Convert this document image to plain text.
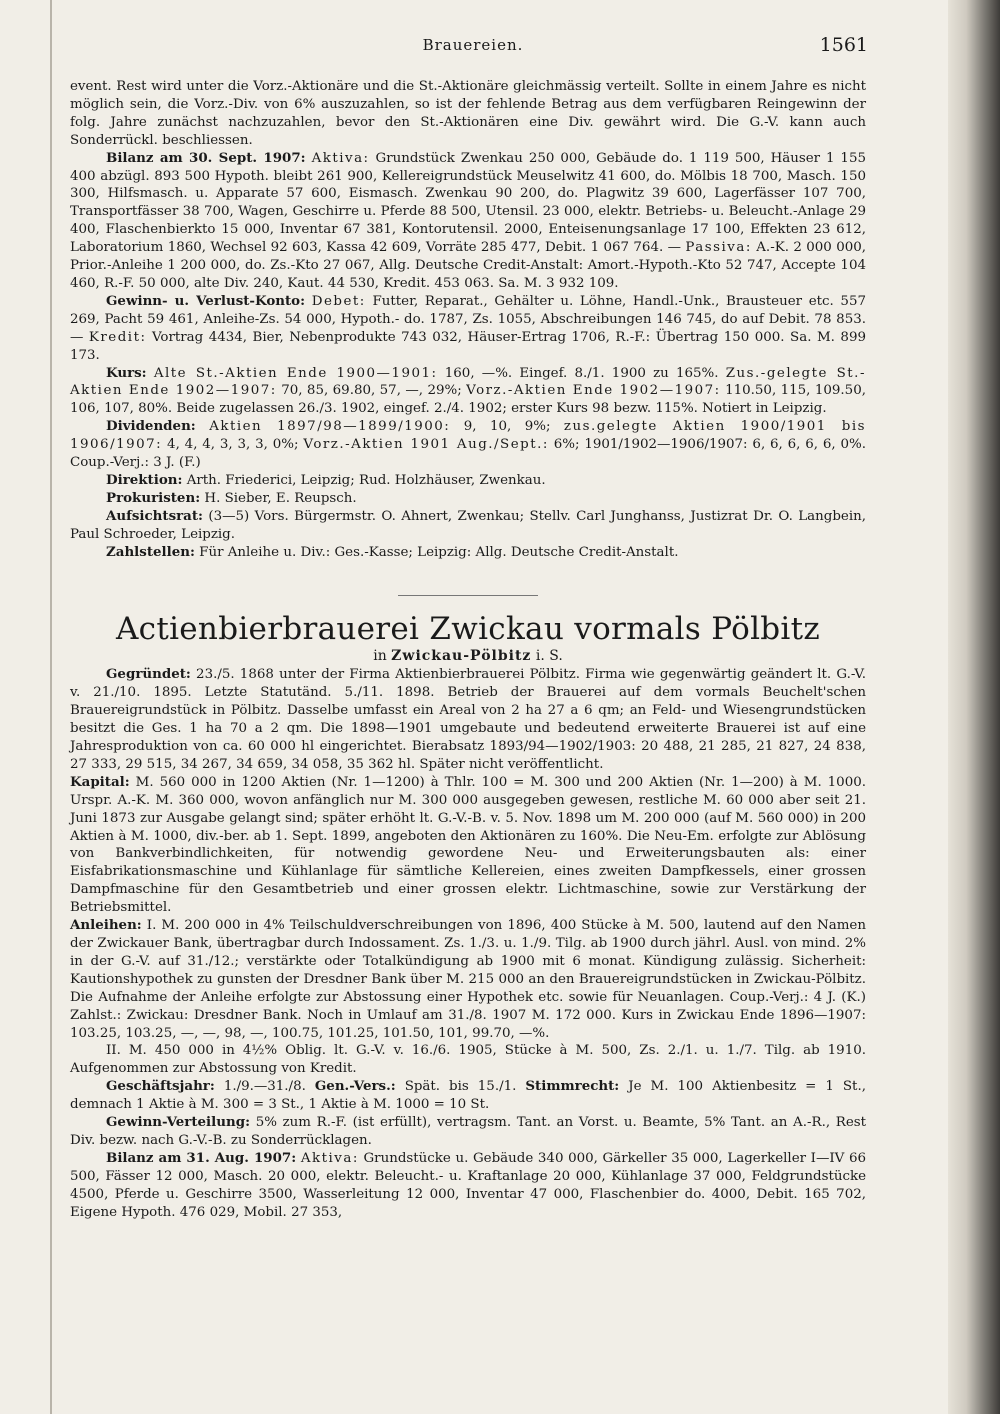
Brauereien.	1561

event. Rest wird unter die Vorz.-Aktionäre und die St.-Aktionäre gleichmässig verteilt. Sollte in einem Jahre es nicht möglich sein, die Vorz.-Div. von 6% auszuzahlen, so ist der fehlende Betrag aus dem verfügbaren Reingewinn der folg. Jahre zunächst nachzuzahlen, bevor den St.-Aktionären eine Div. gewährt wird. Die G.-V. kann auch Sonderrückl. beschliessen.

Bilanz am 30. Sept. 1907: Aktiva: Grundstück Zwenkau 250 000, Gebäude do. 1 119 500, Häuser 1 155 400 abzügl. 893 500 Hypoth. bleibt 261 900, Kellereigrundstück Meuselwitz 41 600, do. Mölbis 18 700, Masch. 150 300, Hilfsmasch. u. Apparate 57 600, Eismasch. Zwenkau 90 200, do. Plagwitz 39 600, Lagerfässer 107 700, Transportfässer 38 700, Wagen, Geschirre u. Pferde 88 500, Utensil. 23 000, elektr. Betriebs- u. Beleucht.-Anlage 29 400, Flaschenbierkto 15 000, Inventar 67 381, Kontorutensil. 2000, Enteisenungsanlage 17 100, Effekten 23 612, Laboratorium 1860, Wechsel 92 603, Kassa 42 609, Vorräte 285 477, Debit. 1 067 764. — Passiva: A.-K. 2 000 000, Prior.-Anleihe 1 200 000, do. Zs.-Kto 27 067, Allg. Deutsche Credit-Anstalt: Amort.-Hypoth.-Kto 52 747, Accepte 104 460, R.-F. 50 000, alte Div. 240, Kaut. 44 530, Kredit. 453 063. Sa. M. 3 932 109.

Gewinn- u. Verlust-Konto: Debet: Futter, Reparat., Gehälter u. Löhne, Handl.-Unk., Brausteuer etc. 557 269, Pacht 59 461, Anleihe-Zs. 54 000, Hypoth.- do. 1787, Zs. 1055, Abschreibungen 146 745, do auf Debit. 78 853. — Kredit: Vortrag 4434, Bier, Nebenprodukte 743 032, Häuser-Ertrag 1706, R.-F.: Übertrag 150 000. Sa. M. 899 173.

Kurs: Alte St.-Aktien Ende 1900—1901: 160, —%. Eingef. 8./1. 1900 zu 165%. Zus.-gelegte St.-Aktien Ende 1902—1907: 70, 85, 69.80, 57, —, 29%; Vorz.-Aktien Ende 1902—1907: 110.50, 115, 109.50, 106, 107, 80%. Beide zugelassen 26./3. 1902, eingef. 2./4. 1902; erster Kurs 98 bezw. 115%. Notiert in Leipzig.

Dividenden: Aktien 1897/98—1899/1900: 9, 10, 9%; zus.gelegte Aktien 1900/1901 bis 1906/1907: 4, 4, 4, 3, 3, 3, 0%; Vorz.-Aktien 1901 Aug./Sept.: 6%; 1901/1902—1906/1907: 6, 6, 6, 6, 6, 0%. Coup.-Verj.: 3 J. (F.)

Direktion: Arth. Friederici, Leipzig; Rud. Holzhäuser, Zwenkau.

Prokuristen: H. Sieber, E. Reupsch.

Aufsichtsrat: (3—5) Vors. Bürgermstr. O. Ahnert, Zwenkau; Stellv. Carl Junghanss, Justizrat Dr. O. Langbein, Paul Schroeder, Leipzig.

Zahlstellen: Für Anleihe u. Div.: Ges.-Kasse; Leipzig: Allg. Deutsche Credit-Anstalt.

Actienbierbrauerei Zwickau vormals Pölbitz

in Zwickau-Pölbitz i. S.

Gegründet: 23./5. 1868 unter der Firma Aktienbierbrauerei Pölbitz. Firma wie gegenwärtig geändert lt. G.-V. v. 21./10. 1895. Letzte Statutänd. 5./11. 1898. Betrieb der Brauerei auf dem vormals Beuchelt'schen Brauereigrundstück in Pölbitz. Dasselbe umfasst ein Areal von 2 ha 27 a 6 qm; an Feld- und Wiesengrundstücken besitzt die Ges. 1 ha 70 a 2 qm. Die 1898—1901 umgebaute und bedeutend erweiterte Brauerei ist auf eine Jahresproduktion von ca. 60 000 hl eingerichtet. Bierabsatz 1893/94—1902/1903: 20 488, 21 285, 21 827, 24 838, 27 333, 29 515, 34 267, 34 659, 34 058, 35 362 hl. Später nicht veröffentlicht.

Kapital: M. 560 000 in 1200 Aktien (Nr. 1—1200) à Thlr. 100 = M. 300 und 200 Aktien (Nr. 1—200) à M. 1000. Urspr. A.-K. M. 360 000, wovon anfänglich nur M. 300 000 ausgegeben gewesen, restliche M. 60 000 aber seit 21. Juni 1873 zur Ausgabe gelangt sind; später erhöht lt. G.-V.-B. v. 5. Nov. 1898 um M. 200 000 (auf M. 560 000) in 200 Aktien à M. 1000, div.-ber. ab 1. Sept. 1899, angeboten den Aktionären zu 160%. Die Neu-Em. erfolgte zur Ablösung von Bankverbindlichkeiten, für notwendig gewordene Neu- und Erweiterungsbauten als: einer Eisfabrikationsmaschine und Kühlanlage für sämtliche Kellereien, eines zweiten Dampfkessels, einer grossen Dampfmaschine für den Gesamtbetrieb und einer grossen elektr. Lichtmaschine, sowie zur Verstärkung der Betriebsmittel.

Anleihen: I. M. 200 000 in 4% Teilschuldverschreibungen von 1896, 400 Stücke à M. 500, lautend auf den Namen der Zwickauer Bank, übertragbar durch Indossament. Zs. 1./3. u. 1./9. Tilg. ab 1900 durch jährl. Ausl. von mind. 2% in der G.-V. auf 31./12.; verstärkte oder Totalkündigung ab 1900 mit 6 monat. Kündigung zulässig. Sicherheit: Kautionshypothek zu gunsten der Dresdner Bank über M. 215 000 an den Brauereigrundstücken in Zwickau-Pölbitz. Die Aufnahme der Anleihe erfolgte zur Abstossung einer Hypothek etc. sowie für Neuanlagen. Coup.-Verj.: 4 J. (K.) Zahlst.: Zwickau: Dresdner Bank. Noch in Umlauf am 31./8. 1907 M. 172 000. Kurs in Zwickau Ende 1896—1907: 103.25, 103.25, —, —, 98, —, 100.75, 101.25, 101.50, 101, 99.70, —%.

II. M. 450 000 in 4½% Oblig. lt. G.-V. v. 16./6. 1905, Stücke à M. 500, Zs. 2./1. u. 1./7. Tilg. ab 1910. Aufgenommen zur Abstossung von Kredit.

Geschäftsjahr: 1./9.—31./8. Gen.-Vers.: Spät. bis 15./1. Stimmrecht: Je M. 100 Aktienbesitz = 1 St., demnach 1 Aktie à M. 300 = 3 St., 1 Aktie à M. 1000 = 10 St.

Gewinn-Verteilung: 5% zum R.-F. (ist erfüllt), vertragsm. Tant. an Vorst. u. Beamte, 5% Tant. an A.-R., Rest Div. bezw. nach G.-V.-B. zu Sonderrücklagen.

Bilanz am 31. Aug. 1907: Aktiva: Grundstücke u. Gebäude 340 000, Gärkeller 35 000, Lagerkeller I—IV 66 500, Fässer 12 000, Masch. 20 000, elektr. Beleucht.- u. Kraftanlage 20 000, Kühlanlage 37 000, Feldgrundstücke 4500, Pferde u. Geschirre 3500, Wasserleitung 12 000, Inventar 47 000, Flaschenbier do. 4000, Debit. 165 702, Eigene Hypoth. 476 029, Mobil. 27 353,
